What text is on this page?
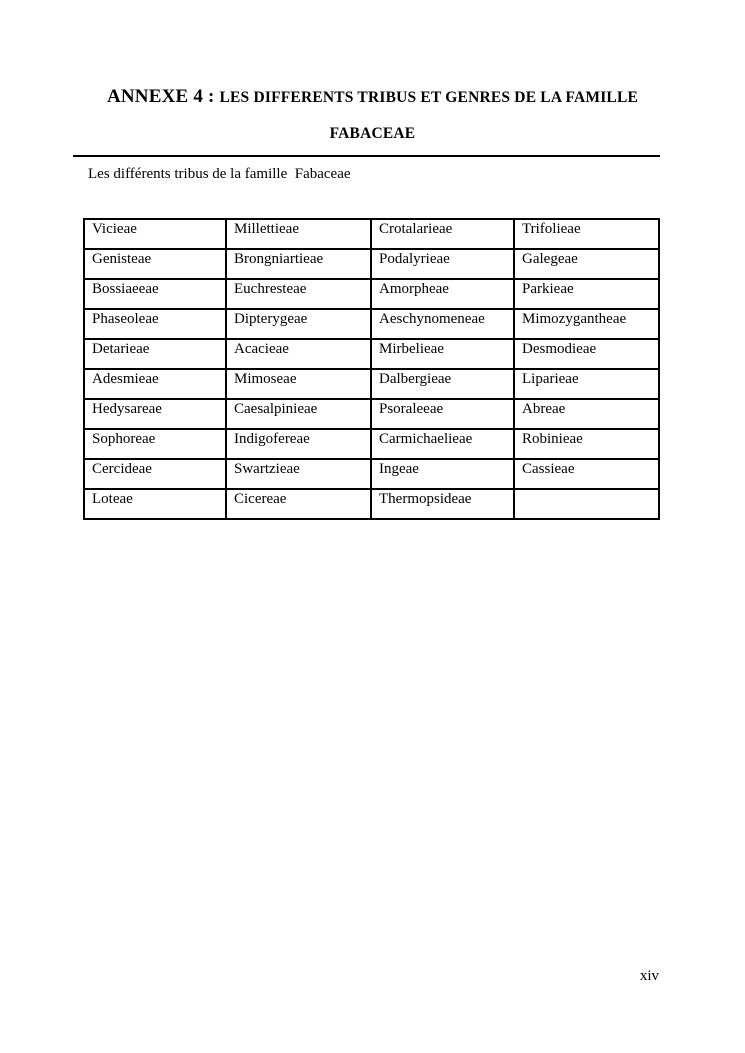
ANNEXE 4 : LES DIFFERENTS TRIBUS ET GENRES DE LA FAMILLE
FABACEAE
Les différents tribus de la famille  Fabaceae
Vicieae	Millettieae	Crotalarieae	Trifolieae
Genisteae	Brongniartieae	Podalyrieae	Galegeae
Bossiaeeae	Euchresteae	Amorpheae	Parkieae
Phaseoleae	Dipterygeae	Aeschynomeneae	Mimozygantheae
Detarieae	Acacieae	Mirbelieae	Desmodieae
Adesmieae	Mimoseae	Dalbergieae	Liparieae
Hedysareae	Caesalpinieae	Psoraleeae	Abreae
Sophoreae	Indigofereae	Carmichaelieae	Robinieae
Cercideae	Swartzieae	Ingeae	Cassieae
Loteae	Cicereae	Thermopsideae	
xiv
